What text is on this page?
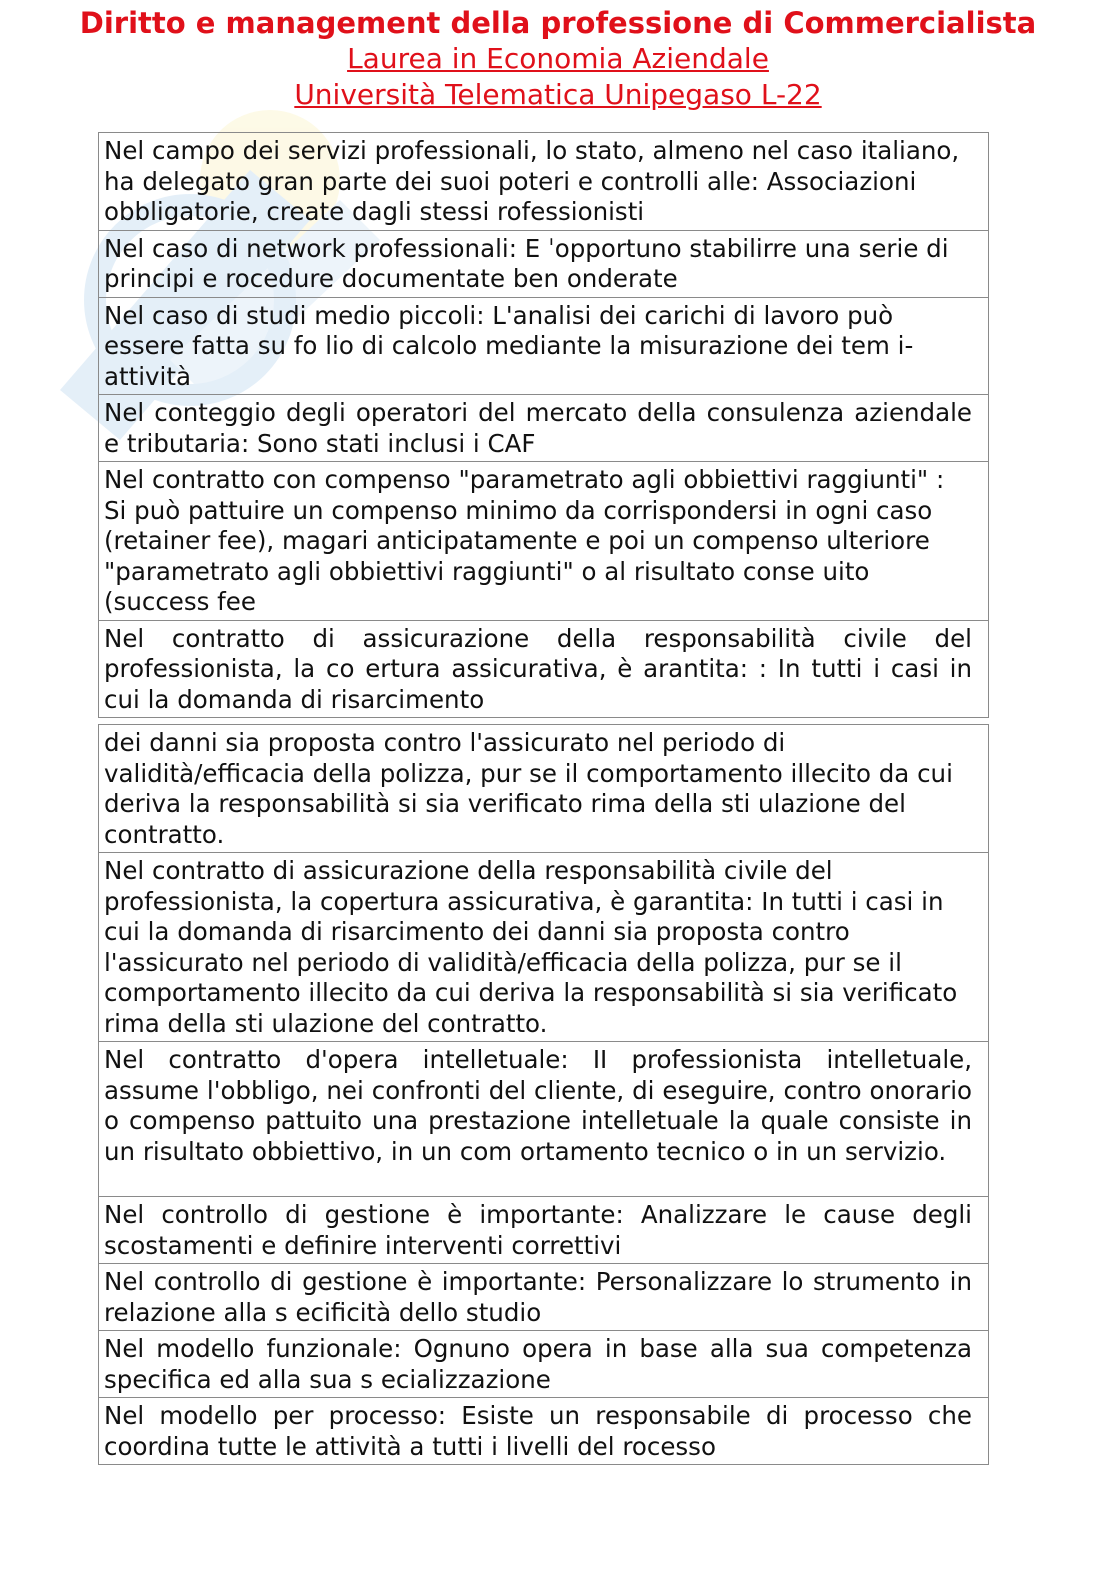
Diritto e management della professione di Commercialista

Laurea in Economia Aziendale
Università Telematica Unipegaso L-22
Nel campo dei servizi professionali, lo stato, almeno nel caso italiano, ha delegato gran parte dei suoi poteri e controlli alle: Associazioni obbligatorie, create dagli stessi rofessionisti
Nel caso di network professionali: E ˈopportuno stabilirre una serie di principi e rocedure documentate ben onderate
Nel caso di studi medio piccoli: L'analisi dei carichi di lavoro può essere fatta su fo lio di calcolo mediante la misurazione dei tem i-attività
Nel conteggio degli operatori del mercato della consulenza aziendale e tributaria: Sono stati inclusi i CAF
Nel contratto con compenso "parametrato agli obbiettivi raggiunti" : Si può pattuire un compenso minimo da corrispondersi in ogni caso (retainer fee), magari anticipatamente e poi un compenso ulteriore "parametrato agli obbiettivi raggiunti" o al risultato conse uito (success fee
Nel contratto di assicurazione della responsabilità civile del professionista, la co ertura assicurativa, è arantita: : In tutti i casi in cui la domanda di risarcimento
dei danni sia proposta contro l'assicurato nel periodo di validità/efficacia della polizza, pur se il comportamento illecito da cui deriva la responsabilità si sia verificato rima della sti ulazione del contratto.
Nel contratto di assicurazione della responsabilità civile del professionista, la copertura assicurativa, è garantita: In tutti i casi in cui la domanda di risarcimento dei danni sia proposta contro l'assicurato nel periodo di validità/efficacia della polizza, pur se il comportamento illecito da cui deriva la responsabilità si sia verificato rima della sti ulazione del contratto.
Nel contratto d'opera intelletuale: II professionista intelletuale, assume l'obbligo, nei confronti del cliente, di eseguire, contro onorario o compenso pattuito una prestazione intelletuale la quale consiste in un risultato obbiettivo, in un com ortamento tecnico o in un servizio.
Nel controllo di gestione è importante: Analizzare le cause degli scostamenti e definire interventi correttivi
Nel controllo di gestione è importante: Personalizzare lo strumento in relazione alla s ecificità dello studio
Nel modello funzionale: Ognuno opera in base alla sua competenza specifica ed alla sua s ecializzazione
Nel modello per processo: Esiste un responsabile di processo che coordina tutte le attività a tutti i livelli del rocesso
